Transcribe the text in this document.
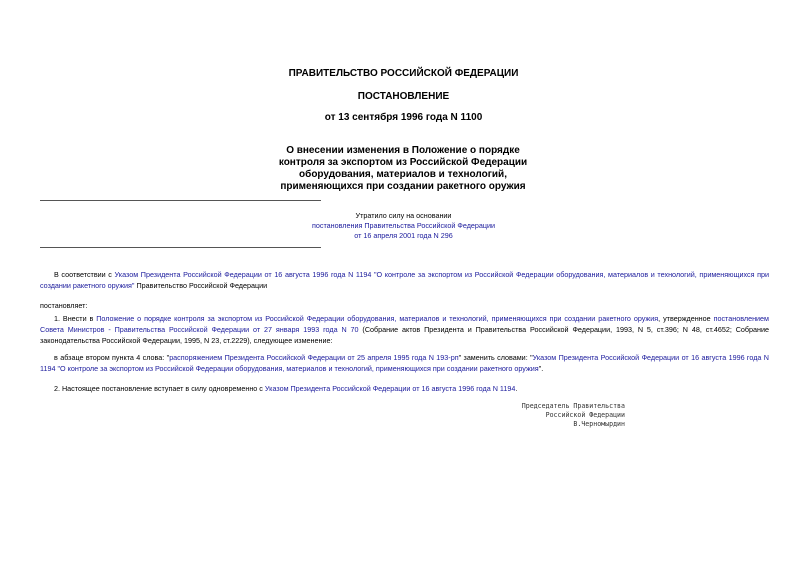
ПРАВИТЕЛЬСТВО РОССИЙСКОЙ ФЕДЕРАЦИИ
ПОСТАНОВЛЕНИЕ
от 13 сентября 1996 года N 1100
О внесении изменения в Положение о порядке
контроля за экспортом из Российской Федерации
оборудования, материалов и технологий,
применяющихся при создании ракетного оружия
Утратило силу на основании
постановления Правительства Российской Федерации
от 16 апреля 2001 года N 296
В соответствии с Указом Президента Российской Федерации от 16 августа 1996 года N 1194 "О контроле за экспортом из Российской Федерации оборудования, материалов и технологий, применяющихся при создании ракетного оружия" Правительство Российской Федерации
постановляет:
1. Внести в Положение о порядке контроля за экспортом из Российской Федерации оборудования, материалов и технологий, применяющихся при создании ракетного оружия, утвержденное постановлением Совета Министров - Правительства Российской Федерации от 27 января 1993 года N 70 (Собрание актов Президента и Правительства Российской Федерации, 1993, N 5, ст.396; N 48, ст.4652; Собрание законодательства Российской Федерации, 1995, N 23, ст.2229), следующее изменение:
в абзаце втором пункта 4 слова: "распоряжением Президента Российской Федерации от 25 апреля 1995 года N 193-рп" заменить словами: "Указом Президента Российской Федерации от 16 августа 1996 года N 1194 "О контроле за экспортом из Российской Федерации оборудования, материалов и технологий, применяющихся при создании ракетного оружия".
2. Настоящее постановление вступает в силу одновременно с Указом Президента Российской Федерации от 16 августа 1996 года N 1194.
Председатель Правительства
Российской Федерации
В.Черномырдин
